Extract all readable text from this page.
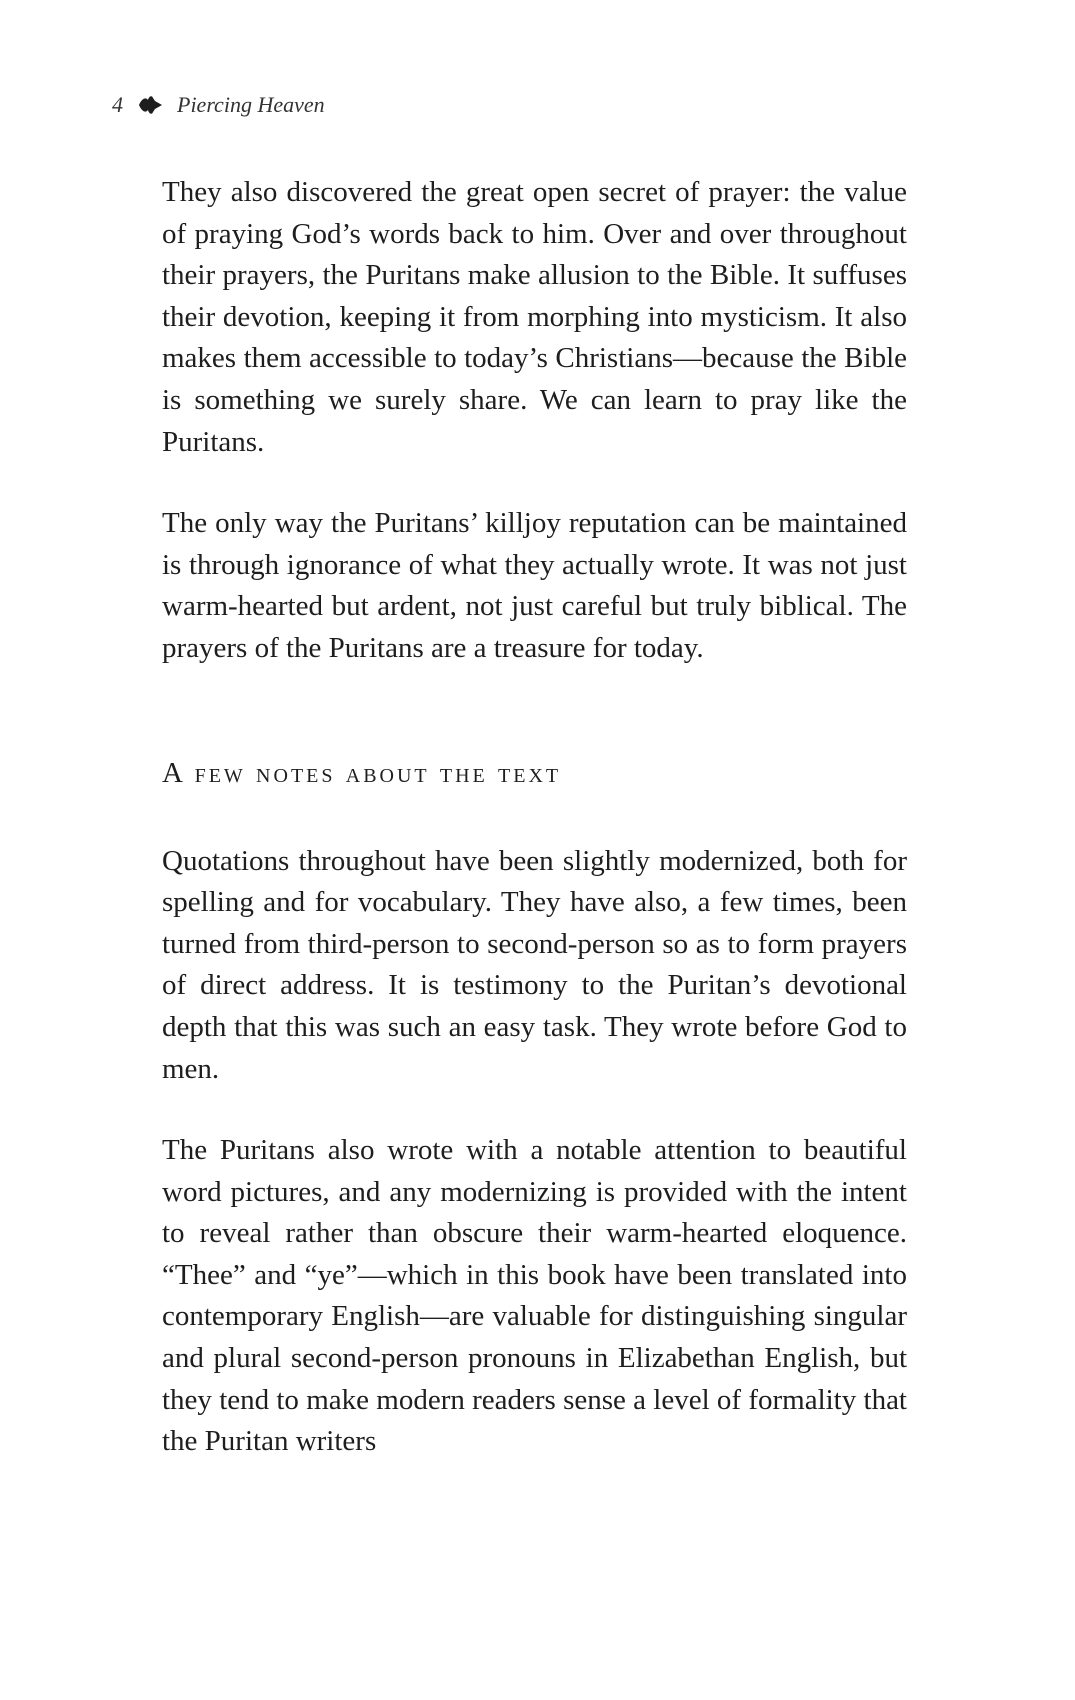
4 Piercing Heaven

They also discovered the great open secret of prayer: the value of praying God’s words back to him. Over and over throughout their prayers, the Puritans make allusion to the Bible. It suffuses their devotion, keeping it from morphing into mysticism. It also makes them accessible to today’s Christians—because the Bible is something we surely share. We can learn to pray like the Puritans.

The only way the Puritans’ killjoy reputation can be maintained is through ignorance of what they actually wrote. It was not just warm-hearted but ardent, not just careful but truly biblical. The prayers of the Puritans are a treasure for today.

A few notes about the text

Quotations throughout have been slightly modernized, both for spelling and for vocabulary. They have also, a few times, been turned from third-person to second-person so as to form prayers of direct address. It is testimony to the Puritan’s devotional depth that this was such an easy task. They wrote before God to men.

The Puritans also wrote with a notable attention to beautiful word pictures, and any modernizing is provided with the intent to reveal rather than obscure their warm-hearted eloquence. “Thee” and “ye”—which in this book have been translated into contemporary English—are valuable for distinguishing singular and plural second-person pronouns in Elizabethan English, but they tend to make modern readers sense a level of formality that the Puritan writers
